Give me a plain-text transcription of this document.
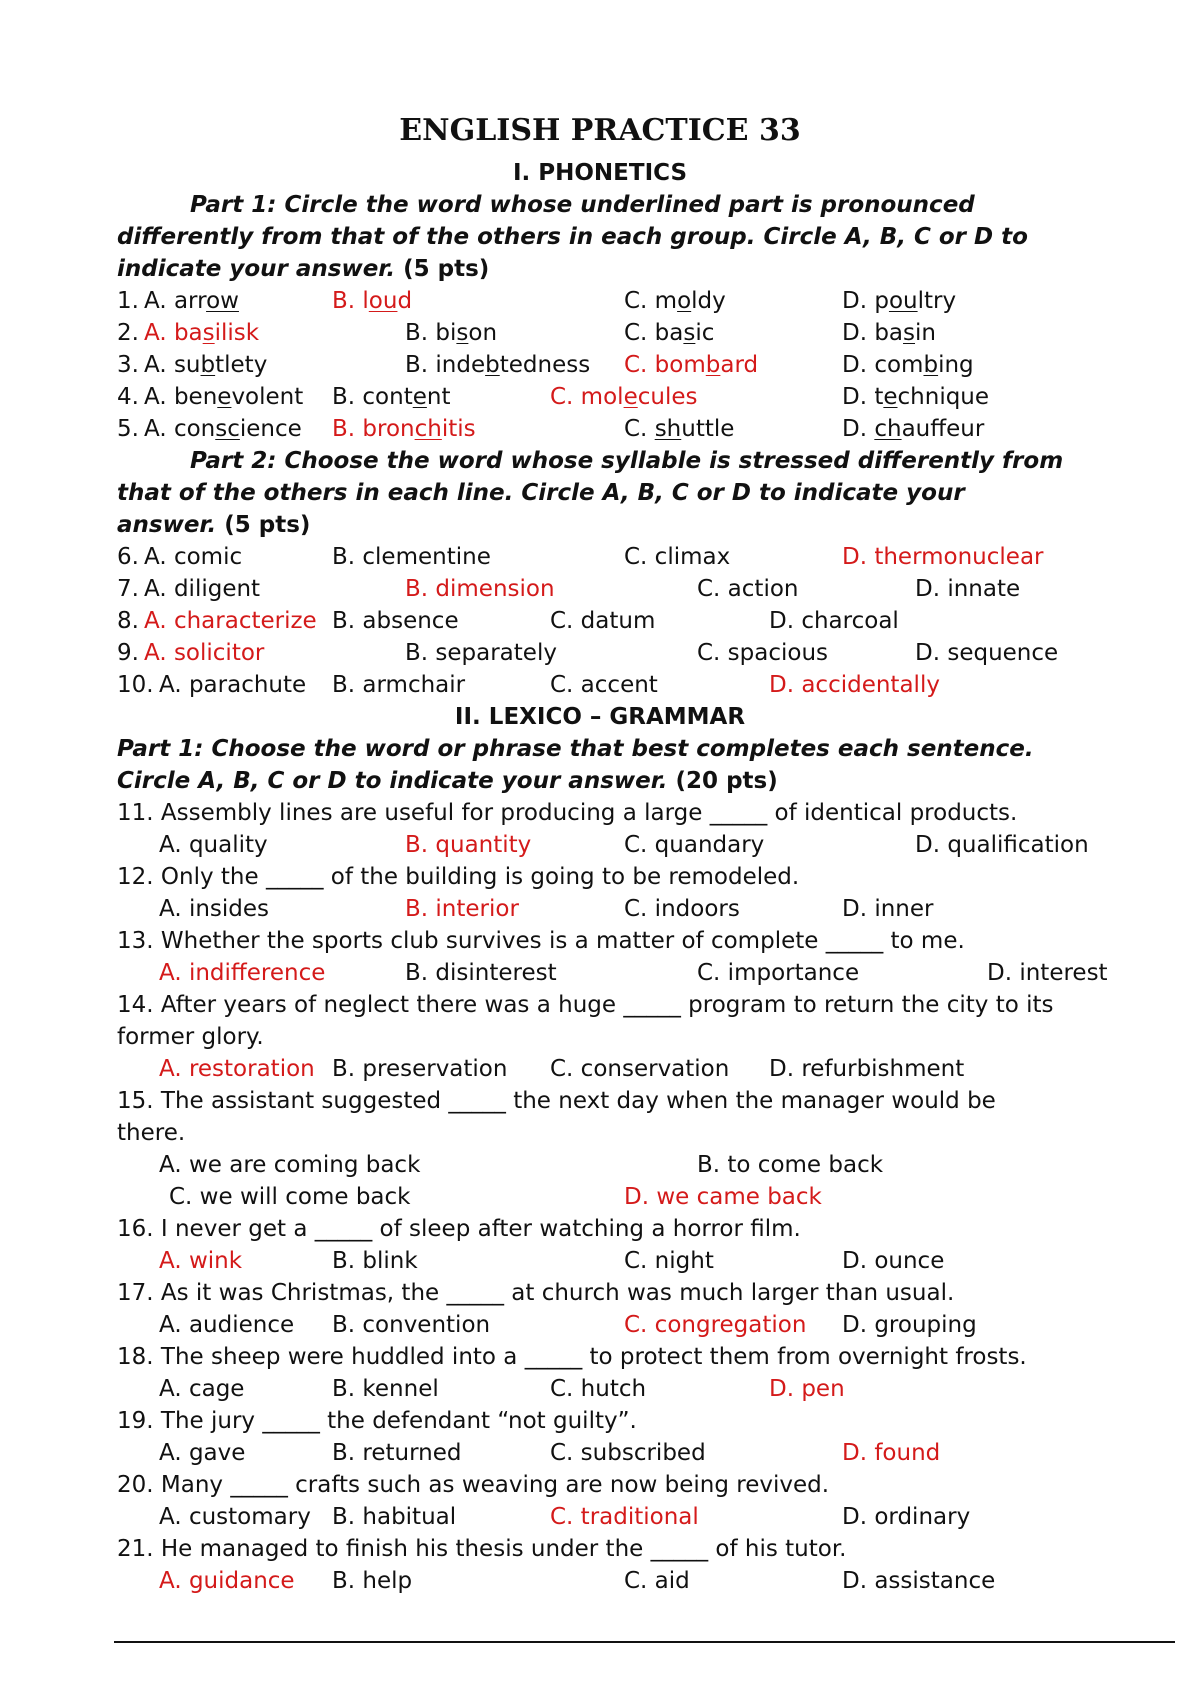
ENGLISH PRACTICE 33
I. PHONETICS
Part 1: Circle the word whose underlined part is pronounced
differently from that of the others in each group. Circle A, B, C or D to
indicate your answer. (5 pts)
1. A. arrow	B. loud	C. moldy	D. poultry
2. A. basilisk	B. bison	C. basic	D. basin
3. A. subtlety	B. indebtedness C. bombard	D. combing
4. A. benevolent B. content	C. molecules	D. technique
5. A. conscience B. bronchitis	C. shuttle	D. chauffeur
Part 2: Choose the word whose syllable is stressed differently from
that of the others in each line. Circle A, B, C or D to indicate your
answer. (5 pts)
6. A. comic	B. clementine	C. climax	D. thermonuclear
7. A. diligent	B. dimension	C. action	D. innate
8. A. characterize B. absence	C. datum	D. charcoal
9. A. solicitor	B. separately	C. spacious	D. sequence
10. A. parachute B. armchair	C. accent	D. accidentally
II. LEXICO – GRAMMAR
Part 1: Choose the word or phrase that best completes each sentence.
Circle A, B, C or D to indicate your answer. (20 pts)
11. Assembly lines are useful for producing a large _____ of identical products.
A. quality	B. quantity	C. quandary	D. qualification
12. Only the _____ of the building is going to be remodeled.
A. insides	B. interior	C. indoors	D. inner
13. Whether the sports club survives is a matter of complete _____ to me.
A. indifference	B. disinterest	C. importance	D. interest
14. After years of neglect there was a huge _____ program to return the city to its
former glory.
A. restoration B. preservation C. conservation D. refurbishment
15. The assistant suggested _____ the next day when the manager would be
there.
A. we are coming back	B. to come back
C. we will come back	D. we came back
16. I never get a _____ of sleep after watching a horror film.
A. wink	B. blink	C. night	D. ounce
17. As it was Christmas, the _____ at church was much larger than usual.
A. audience B. convention	C. congregation D. grouping
18. The sheep were huddled into a _____ to protect them from overnight frosts.
A. cage	B. kennel	C. hutch	D. pen
19. The jury _____ the defendant “not guilty”.
A. gave	B. returned	C. subscribed	D. found
20. Many _____ crafts such as weaving are now being revived.
A. customary B. habitual	C. traditional	D. ordinary
21. He managed to finish his thesis under the _____ of his tutor.
A. guidance B. help	C. aid	D. assistance
